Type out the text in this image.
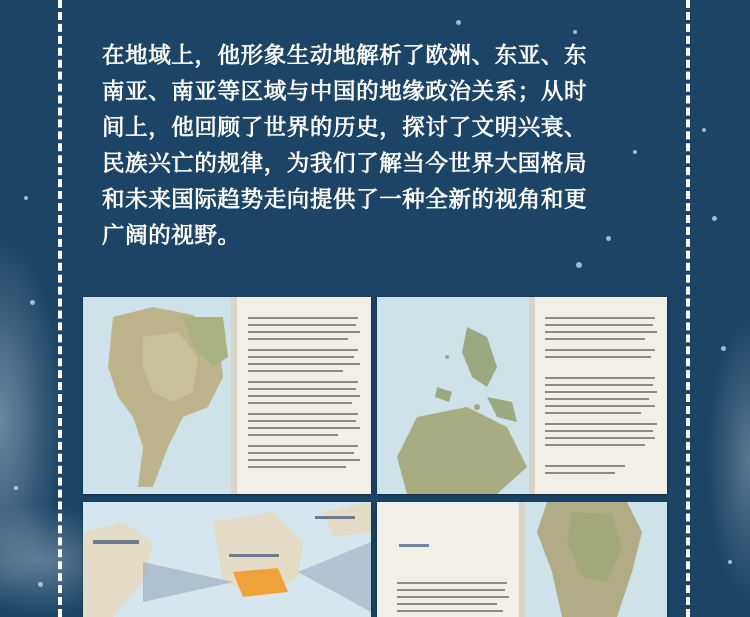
在地域上，他形象生动地解析了欧洲、东亚、东
南亚、南亚等区域与中国的地缘政治关系；从时
间上，他回顾了世界的历史，探讨了文明兴衰、
民族兴亡的规律，为我们了解当今世界大国格局
和未来国际趋势走向提供了一种全新的视角和更
广阔的视野。
